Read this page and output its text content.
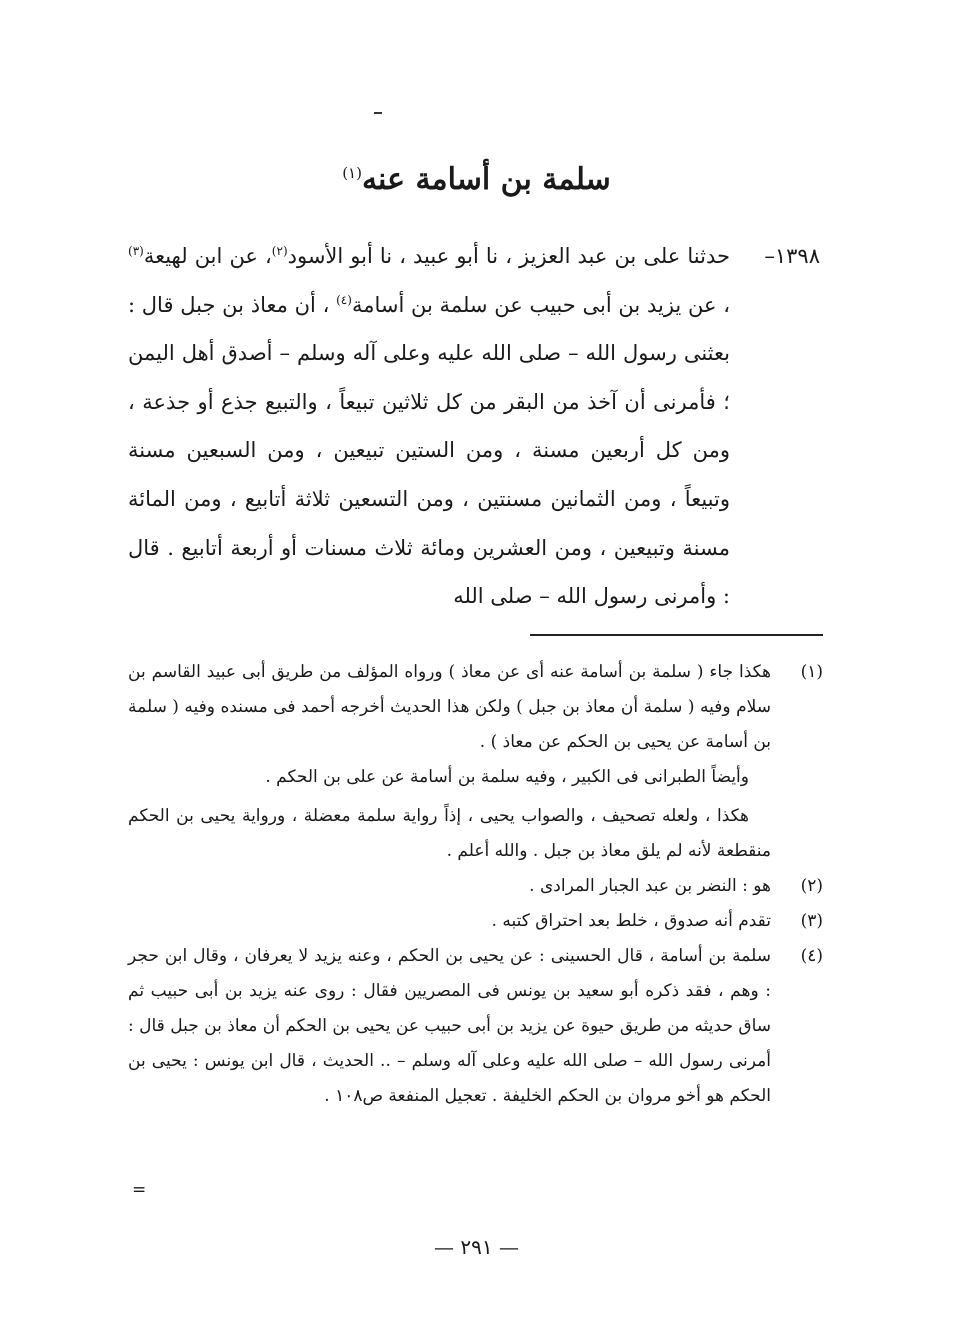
سلمة بن أسامة عنه$^{(١)}$
١٣٩٨–
حدثنا على بن عبد العزيز ، نا أبو عبيد ، نا أبو الأسود$^{(٢)}$، عن ابن لهيعة$^{(٣)}$ ، عن يزيد بن أبى حبيب عن سلمة بن أسامة$^{(٤)}$ ، أن معاذ بن جبل قال : بعثنى رسول الله – صلى الله عليه وعلى آله وسلم – أصدق أهل اليمن ؛ فأمرنى أن آخذ من البقر من كل ثلاثين تبيعاً ، والتبيع جذع أو جذعة ، ومن كل أربعين مسنة ، ومن الستين تبيعين ، ومن السبعين مسنة وتبيعاً ، ومن الثمانين مسنتين ، ومن التسعين ثلاثة أتابيع ، ومن المائة مسنة وتبيعين ، ومن العشرين ومائة ثلاث مسنات أو أربعة أتابيع . قال : وأمرنى رسول الله – صلى الله
(١)

هكذا جاء ( سلمة بن أسامة عنه أى عن معاذ ) ورواه المؤلف من طريق أبى عبيد القاسم بن سلام وفيه ( سلمة أن معاذ بن جبل ) ولكن هذا الحديث أخرجه أحمد فى مسنده وفيه ( سلمة بن أسامة عن يحيى بن الحكم عن معاذ ) .

وأيضاً الطبرانى فى الكبير ، وفيه سلمة بن أسامة عن على بن الحكم .

هكذا ، ولعله تصحيف ، والصواب يحيى ، إذاً رواية سلمة معضلة ، ورواية يحيى بن الحكم منقطعة لأنه لم يلق معاذ بن جبل . والله أعلم .

(٢)

هو : النضر بن عبد الجبار المرادى .

(٣)

تقدم أنه صدوق ، خلط بعد احتراق كتبه .

(٤)

سلمة بن أسامة ، قال الحسينى : عن يحيى بن الحكم ، وعنه يزيد لا يعرفان ، وقال ابن حجر : وهم ، فقد ذكره أبو سعيد بن يونس فى المصريين فقال : روى عنه يزيد بن أبى حبيب ثم ساق حديثه من طريق حيوة عن يزيد بن أبى حبيب عن يحيى بن الحكم أن معاذ بن جبل قال : أمرنى رسول الله – صلى الله عليه وعلى آله وسلم – .. الحديث ، قال ابن يونس : يحيى بن الحكم هو أخو مروان بن الحكم الخليفة . تعجيل المنفعة ص١٠٨ .

=
— ٢٩١ —
